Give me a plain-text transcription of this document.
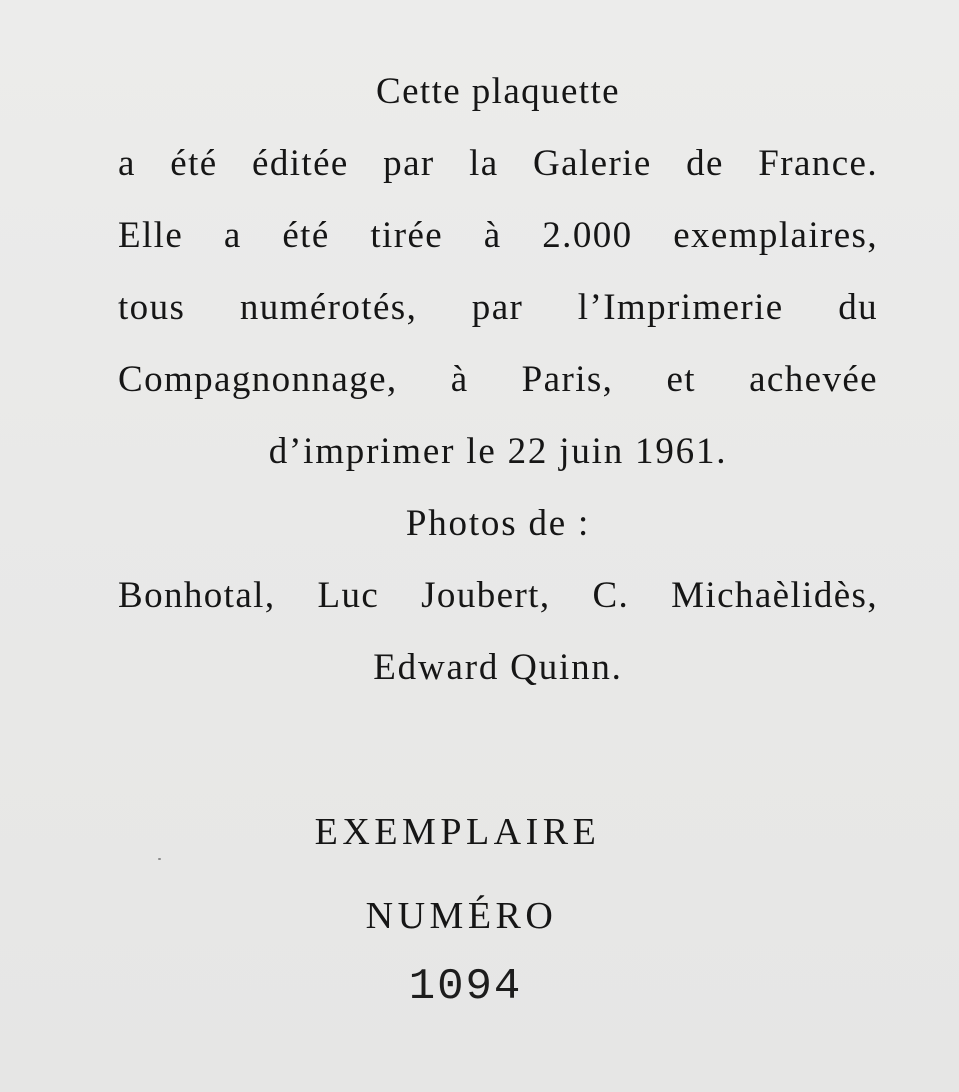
Cette plaquette
a été éditée par la Galerie de France.
Elle a été tirée à 2.000 exemplaires,
tous numérotés, par l’Imprimerie du
Compagnonnage, à Paris, et achevée
d’imprimer le 22 juin 1961.
Photos de :
Bonhotal, Luc Joubert, C. Michaèlidès,
Edward Quinn.
EXEMPLAIRE
NUMÉRO
1094
